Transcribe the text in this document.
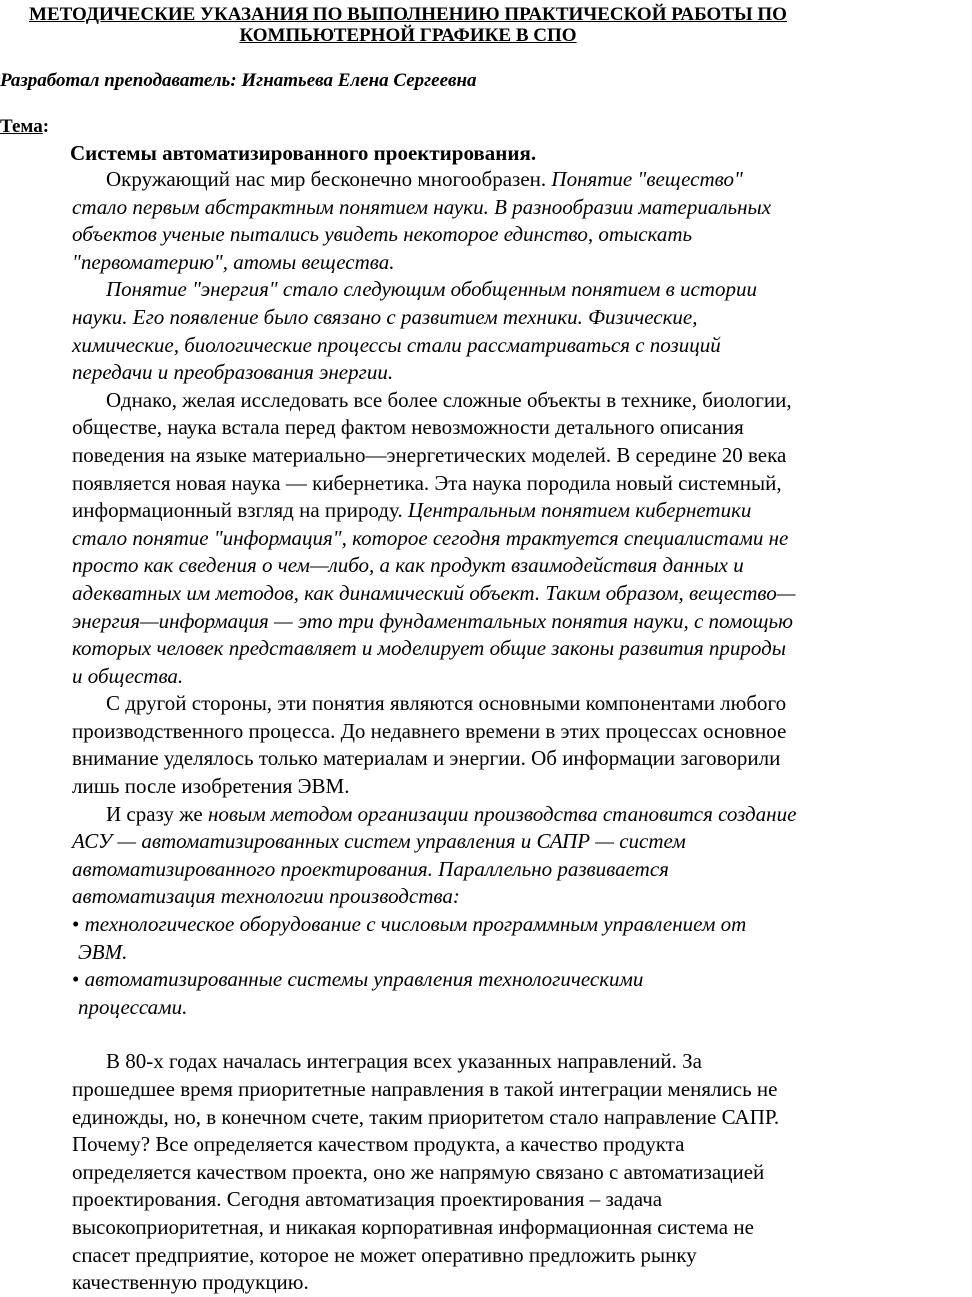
МЕТОДИЧЕСКИЕ УКАЗАНИЯ ПО ВЫПОЛНЕНИЮ ПРАКТИЧЕСКОЙ РАБОТЫ ПО
КОМПЬЮТЕРНОЙ ГРАФИКЕ В СПО
Разработал преподаватель: Игнатьева Елена Сергеевна
Тема:
Системы автоматизированного проектирования.
Окружающий нас мир бесконечно многообразен. Понятие "вещество"
стало первым абстрактным понятием науки. В разнообразии материальных
объектов ученые пытались увидеть некоторое единство, отыскать
"первоматерию", атомы вещества.
Понятие "энергия" стало следующим обобщенным понятием в истории
науки. Его появление было связано с развитием техники. Физические,
химические, биологические процессы стали рассматриваться с позиций
передачи и преобразования энергии.
Однако, желая исследовать все более сложные объекты в технике, биологии,
обществе, наука встала перед фактом невозможности детального описания
поведения на языке материально—энергетических моделей. В середине 20 века
появляется новая наука — кибернетика. Эта наука породила новый системный,
информационный взгляд на природу. Центральным понятием кибернетики
стало понятие "информация", которое сегодня трактуется специалистами не
просто как сведения о чем—либо, а как продукт взаимодействия данных и
адекватных им методов, как динамический объект. Таким образом, вещество—
энергия—информация — это три фундаментальных понятия науки, с помощью
которых человек представляет и моделирует общие законы развития природы
и общества.
С другой стороны, эти понятия являются основными компонентами любого
производственного процесса. До недавнего времени в этих процессах основное
внимание уделялось только материалам и энергии. Об информации заговорили
лишь после изобретения ЭВМ.
И сразу же новым методом организации производства становится создание
АСУ — автоматизированных систем управления и САПР — систем
автоматизированного проектирования. Параллельно развивается
автоматизация технологии производства:
• технологическое оборудование с числовым программным управлением от
ЭВМ.
• автоматизированные системы управления технологическими
процессами.
В 80-х годах началась интеграция всех указанных направлений. За
прошедшее время приоритетные направления в такой интеграции менялись не
единожды, но, в конечном счете, таким приоритетом стало направление САПР.
Почему? Все определяется качеством продукта, а качество продукта
определяется качеством проекта, оно же напрямую связано с автоматизацией
проектирования. Сегодня автоматизация проектирования – задача
высокоприоритетная, и никакая корпоративная информационная система не
спасет предприятие, которое не может оперативно предложить рынку
качественную продукцию.
